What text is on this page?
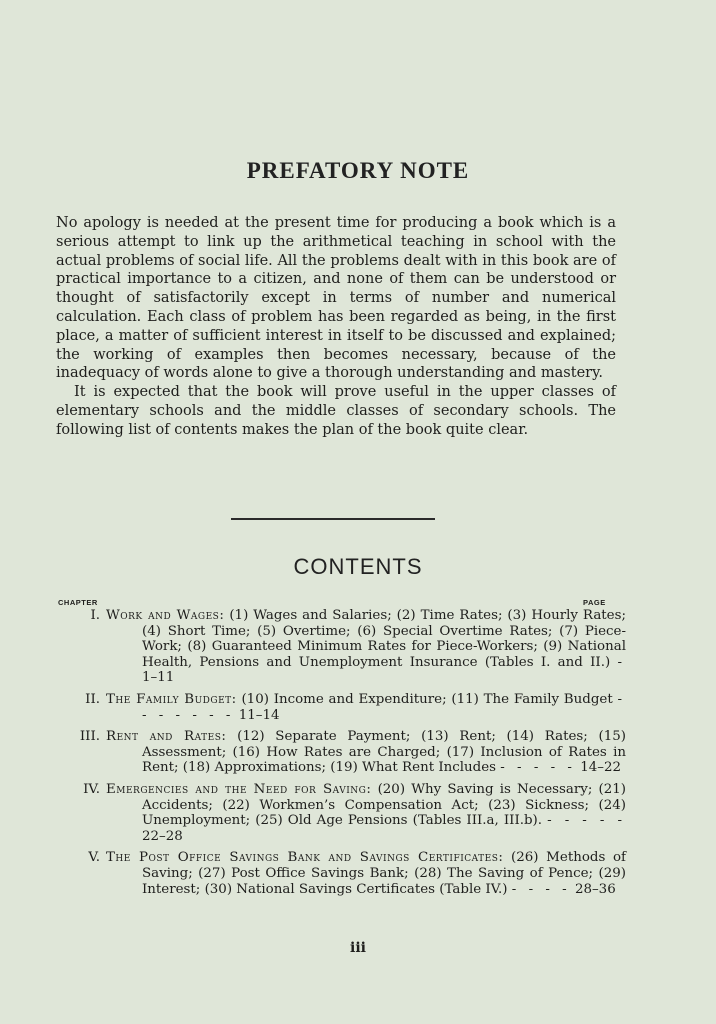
PREFATORY NOTE

No apology is needed at the present time for producing a book which is a serious attempt to link up the arithmetical teaching in school with the actual problems of social life. All the problems dealt with in this book are of practical importance to a citizen, and none of them can be understood or thought of satisfactorily except in terms of number and numerical calculation. Each class of problem has been regarded as being, in the first place, a matter of sufficient interest in itself to be discussed and explained; the working of examples then becomes necessary, because of the inadequacy of words alone to give a thorough understanding and mastery.

It is expected that the book will prove useful in the upper classes of elementary schools and the middle classes of secondary schools. The following list of contents makes the plan of the book quite clear.

CONTENTS
CHAPTER	PAGE
I. Work and Wages: (1) Wages and Salaries; (2) Time Rates; (3) Hourly Rates; (4) Short Time; (5) Overtime; (6) Special Overtime Rates; (7) Piece-Work; (8) Guaranteed Minimum Rates for Piece-Workers; (9) National Health, Pensions and Unemployment Insurance (Tables I. and II.) - 1–11
II. The Family Budget: (10) Income and Expenditure; (11) The Family Budget - - - - - - - 11–14
III. Rent and Rates: (12) Separate Payment; (13) Rent; (14) Rates; (15) Assessment; (16) How Rates are Charged; (17) Inclusion of Rates in Rent; (18) Approximations; (19) What Rent Includes - - - - - 14–22
IV. Emergencies and the Need for Saving: (20) Why Saving is Necessary; (21) Accidents; (22) Workmen’s Compensation Act; (23) Sickness; (24) Unemployment; (25) Old Age Pensions (Tables III.a, III.b). - - - - - 22–28
V. The Post Office Savings Bank and Savings Certificates: (26) Methods of Saving; (27) Post Office Savings Bank; (28) The Saving of Pence; (29) Interest; (30) National Savings Certificates (Table IV.) - - - - 28–36
iii
